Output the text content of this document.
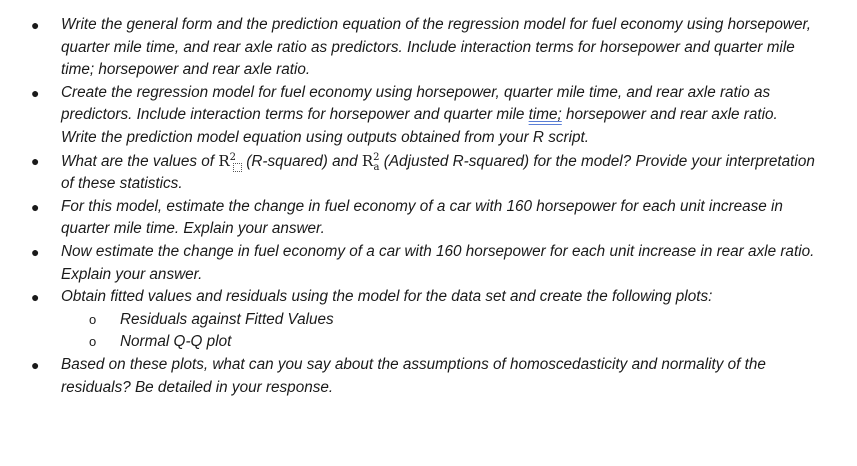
● Write the general form and the prediction equation of the regression model for fuel economy using horsepower, quarter mile time, and rear axle ratio as predictors. Include interaction terms for horsepower and quarter mile time; horsepower and rear axle ratio.
● Create the regression model for fuel economy using horsepower, quarter mile time, and rear axle ratio as predictors. Include interaction terms for horsepower and quarter mile time; horsepower and rear axle ratio. Write the prediction model equation using outputs obtained from your R script.
● What are the values of $R^2$ (R-squared) and $R^2_a$ (Adjusted R-squared) for the model? Provide your interpretation of these statistics.
● For this model, estimate the change in fuel economy of a car with 160 horsepower for each unit increase in quarter mile time. Explain your answer.
● Now estimate the change in fuel economy of a car with 160 horsepower for each unit increase in rear axle ratio. Explain your answer.
● Obtain fitted values and residuals using the model for the data set and create the following plots:
o Residuals against Fitted Values
o Normal Q-Q plot
● Based on these plots, what can you say about the assumptions of homoscedasticity and normality of the residuals? Be detailed in your response.
